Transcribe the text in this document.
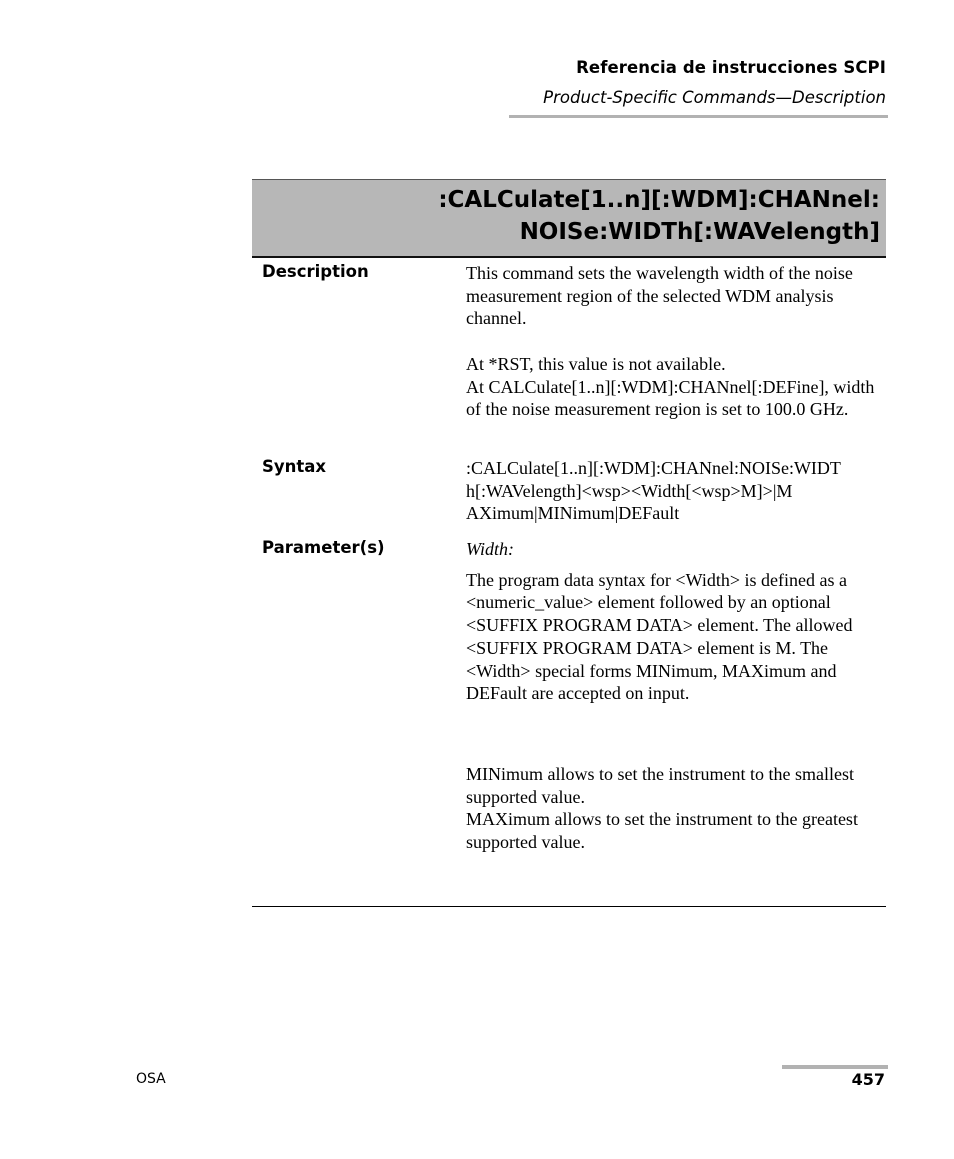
Referencia de instrucciones SCPI
Product-Specific Commands—Description
:CALCulate[1..n][:WDM]:CHANnel:
NOISe:WIDTh[:WAVelength]
Description	This command sets the wavelength width of the noise measurement region of the selected WDM analysis channel.

At *RST, this value is not available.

At CALCulate[1..n][:WDM]:CHANnel[:DEFine], width of the noise measurement region is set to 100.0 GHz.

Syntax	:CALCulate[1..n][:WDM]:CHANnel:NOISe:WIDT
h[:WAVelength]<wsp><Width[<wsp>M]>|M
AXimum|MINimum|DEFault
Parameter(s)	Width:

The program data syntax for <Width> is defined as a <numeric_value> element followed by an optional <SUFFIX PROGRAM DATA> element. The allowed <SUFFIX PROGRAM DATA> element is M. The <Width> special forms MINimum, MAXimum and DEFault are accepted on input.

MINimum allows to set the instrument to the smallest supported value.

MAXimum allows to set the instrument to the greatest supported value.

OSA	457
